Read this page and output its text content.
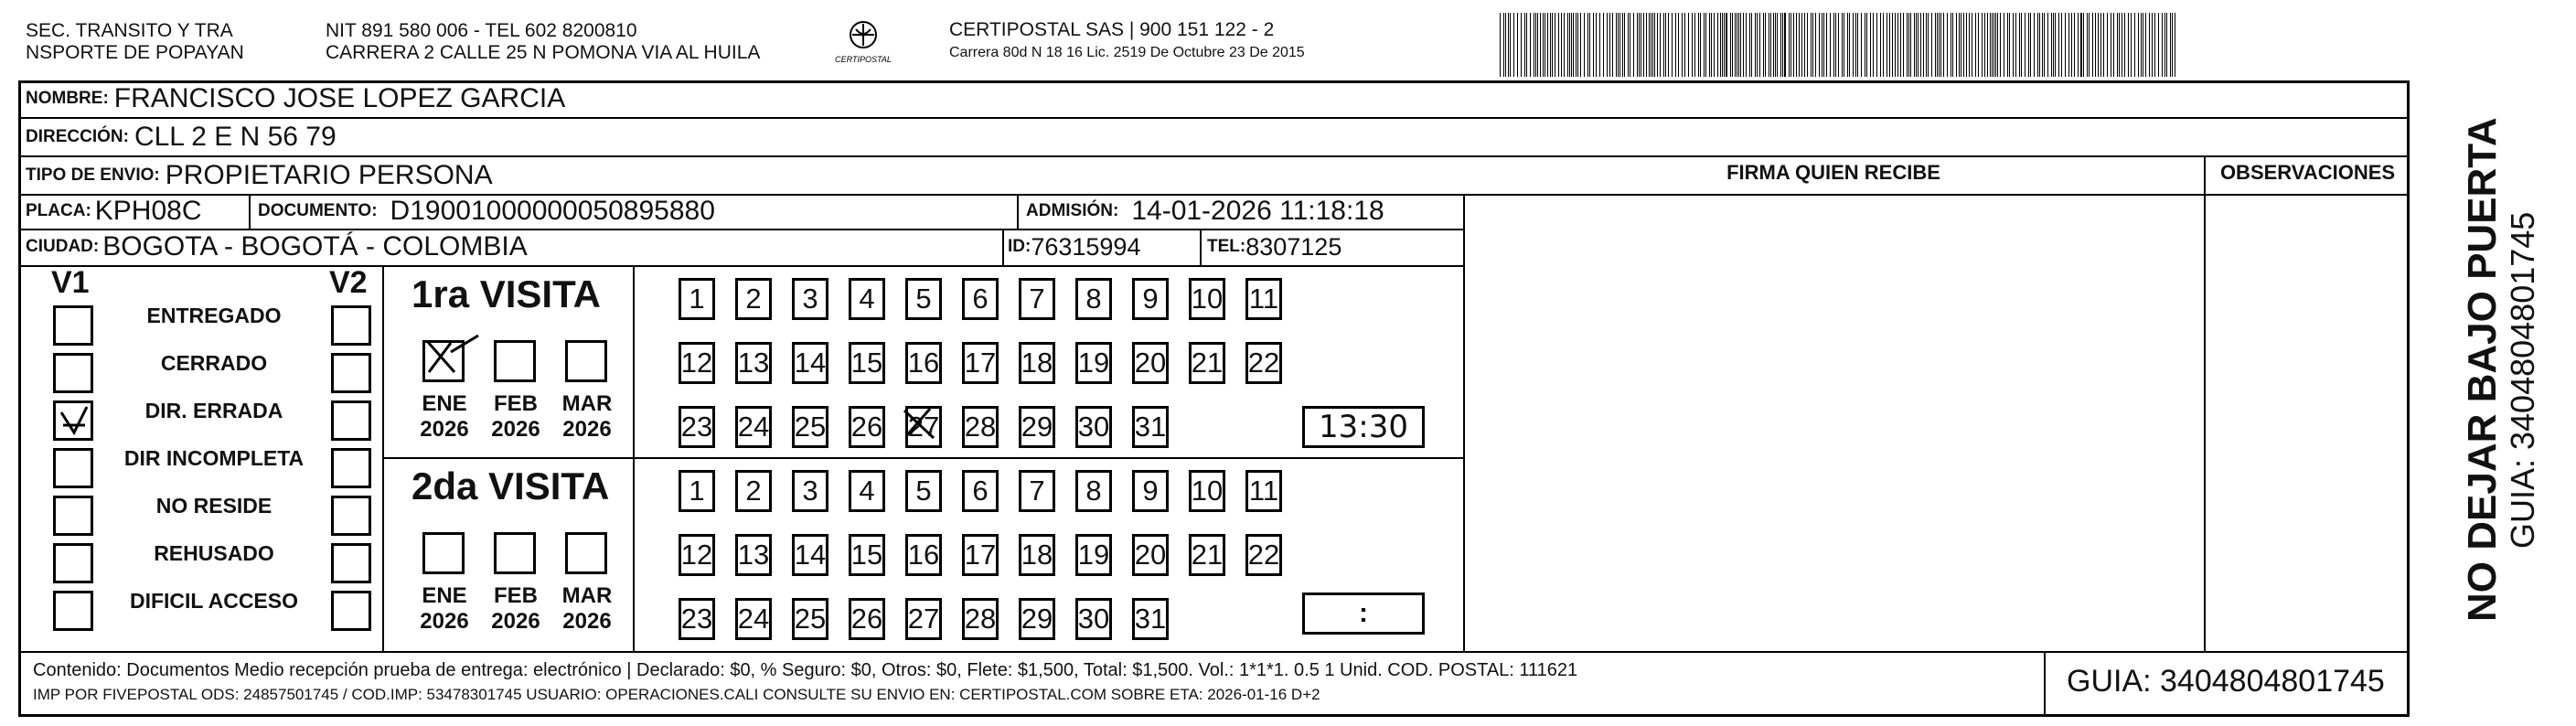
SEC. TRANSITO Y TRA
NSPORTE DE POPAYAN
NIT 891 580 006 - TEL 602 8200810
CARRERA 2 CALLE 25 N POMONA VIA AL HUILA	CERTIPOSTAL
CERTIPOSTAL SAS | 900 151 122 - 2
Carrera 80d N 18 16 Lic. 2519 De Octubre 23 De 2015
NOMBRE: FRANCISCO JOSE LOPEZ GARCIA
DIRECCIÓN: CLL 2 E N 56 79
TIPO DE ENVIO: PROPIETARIO PERSONA	FIRMA QUIEN RECIBE	OBSERVACIONES
PLACA: KPH08C	DOCUMENTO: D19001000000050895880	ADMISIÓN: 14-01-2026 11:18:18
CIUDAD: BOGOTA - BOGOTÁ - COLOMBIA	ID: 76315994	TEL: 8307125
V1	V2
ENTREGADO
CERRADO
DIR. ERRADA
DIR INCOMPLETA
NO RESIDE
REHUSADO
DIFICIL ACCESO
1ra VISITA
ENE
2026
FEB
2026
MAR
2026
1	2	3	4	5	6	7	8	9	10 11
12 13 14 15 16 17 18 19 20 21 22
23 24 25 26 27 28 29 30 31	13:30
2da VISITA
ENE
2026
FEB
2026
MAR
2026
1	2	3	4	5	6	7	8	9	10 11
12 13 14 15 16 17 18 19 20 21 22
23 24 25 26 27 28 29 30 31	:	NO DEJAR BAJO PUERTA GUIA: 3404804801745
Contenido: Documentos Medio recepción prueba de entrega: electrónico | Declarado: $0, % Seguro: $0, Otros: $0, Flete: $1,500, Total: $1,500. Vol.: 1*1*1. 0.5 1 Unid. COD. POSTAL: 111621
IMP POR FIVEPOSTAL ODS: 24857501745 / COD.IMP: 53478301745 USUARIO: OPERACIONES.CALI CONSULTE SU ENVIO EN: CERTIPOSTAL.COM SOBRE ETA: 2026-01-16 D+2	GUIA: 3404804801745
